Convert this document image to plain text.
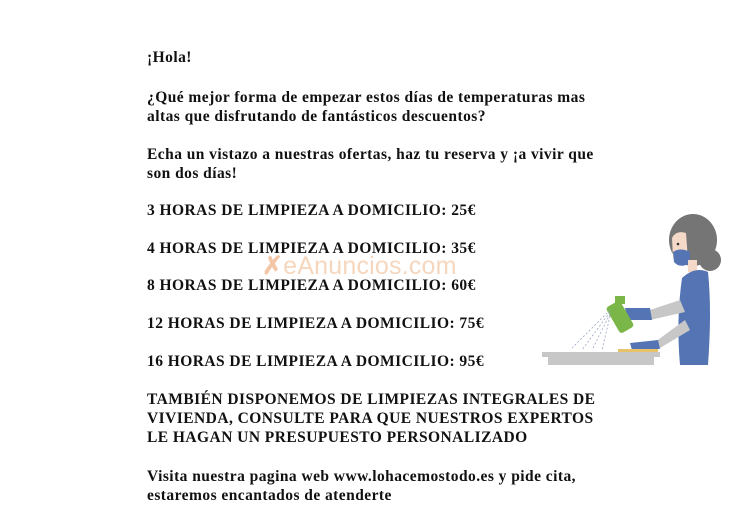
¡Hola!
¿Qué mejor forma de empezar estos días de temperaturas mas
altas que disfrutando de fantásticos descuentos?
Echa un vistazo a nuestras ofertas, haz tu reserva y ¡a vivir que
son dos días!
3 HORAS DE LIMPIEZA A DOMICILIO: 25€
4 HORAS DE LIMPIEZA A DOMICILIO: 35€
8 HORAS DE LIMPIEZA A DOMICILIO: 60€
12 HORAS DE LIMPIEZA A DOMICILIO: 75€
16 HORAS DE LIMPIEZA A DOMICILIO: 95€
TAMBIÉN DISPONEMOS DE LIMPIEZAS INTEGRALES DE
VIVIENDA, CONSULTE PARA QUE NUESTROS EXPERTOS
LE HAGAN UN PRESUPUESTO PERSONALIZADO
Visita nuestra pagina web www.lohacemostodo.es y pide cita,
estaremos encantados de atenderte
✗eAnuncios.com
